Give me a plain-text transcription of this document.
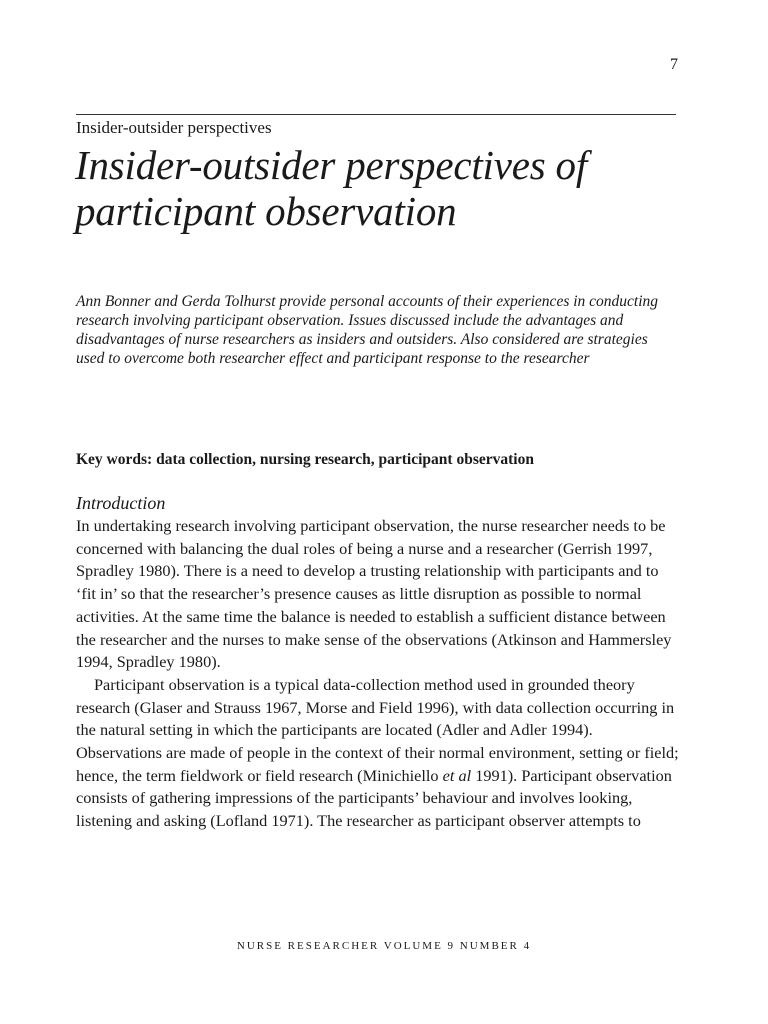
7
Insider-outsider perspectives
Insider-outsider perspectives of participant observation

Ann Bonner and Gerda Tolhurst provide personal accounts of their experiences in conducting research involving participant observation. Issues discussed include the advantages and disadvantages of nurse researchers as insiders and outsiders. Also considered are strategies used to overcome both researcher effect and participant response to the researcher

Key words: data collection, nursing research, participant observation

Introduction

In undertaking research involving participant observation, the nurse researcher needs to be concerned with balancing the dual roles of being a nurse and a researcher (Gerrish 1997, Spradley 1980). There is a need to develop a trusting relationship with participants and to ‘fit in’ so that the researcher’s presence causes as little disruption as possible to normal activities. At the same time the balance is needed to establish a sufficient distance between the researcher and the nurses to make sense of the observations (Atkinson and Hammersley 1994, Spradley 1980).

Participant observation is a typical data-collection method used in grounded theory research (Glaser and Strauss 1967, Morse and Field 1996), with data collection occurring in the natural setting in which the participants are located (Adler and Adler 1994). Observations are made of people in the context of their normal environment, setting or field; hence, the term fieldwork or field research (Minichiello et al 1991). Participant observation consists of gathering impressions of the participants’ behaviour and involves looking, listening and asking (Lofland 1971). The researcher as participant observer attempts to

NURSE RESEARCHER VOLUME 9 NUMBER 4
